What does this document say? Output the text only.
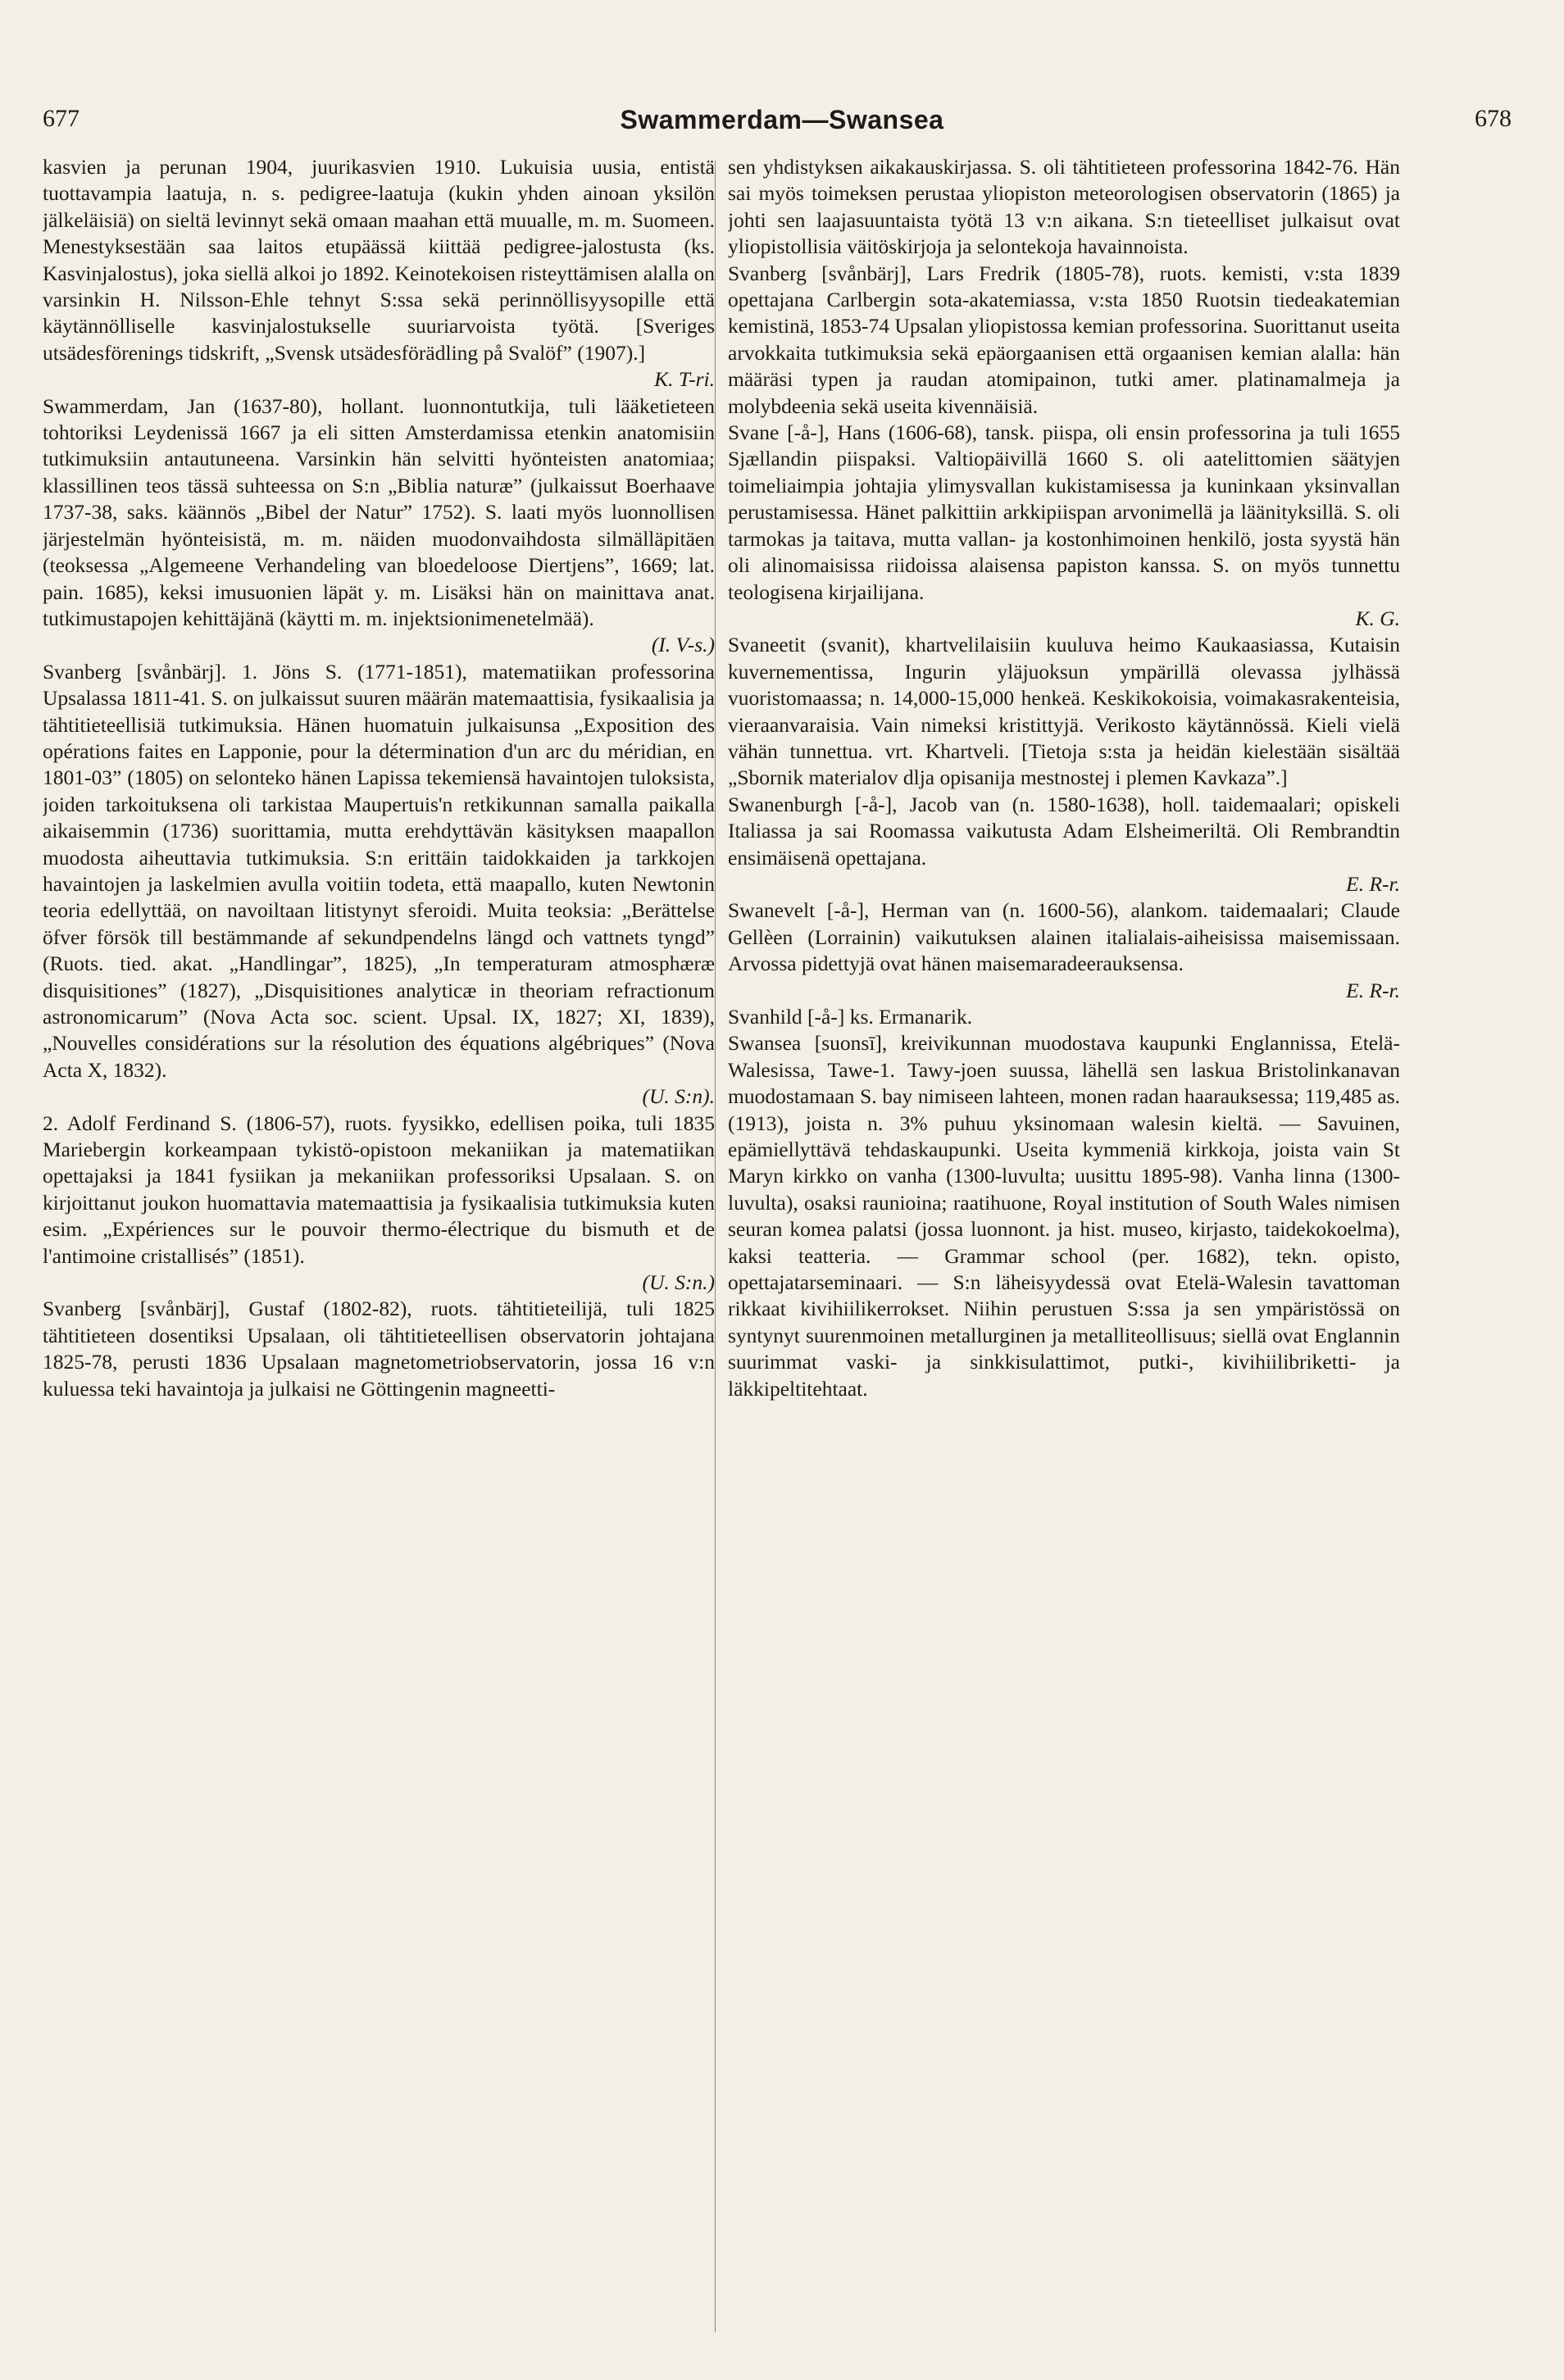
677	Swammerdam—Swansea	678

kasvien ja perunan 1904, juurikasvien 1910. Lukuisia uusia, entistä tuottavampia laatuja, n. s. pedigree-laatuja (kukin yhden ainoan yksilön jälkeläisiä) on sieltä levinnyt sekä omaan maahan että muualle, m. m. Suomeen. Menestyksestään saa laitos etupäässä kiittää pedigree-jalostusta (ks. Kasvinjalostus), joka siellä alkoi jo 1892. Keinotekoisen risteyttämisen alalla on varsinkin H. Nilsson-Ehle tehnyt S:ssa sekä perinnöllisyysopille että käytännölliselle kasvinjalostukselle suuriarvoista työtä. [Sveriges utsädesförenings tidskrift, „Svensk utsädesförädling på Svalöf” (1907).]
K. T-ri.

Swammerdam, Jan (1637-80), hollant. luonnontutkija, tuli lääketieteen tohtoriksi Leydenissä 1667 ja eli sitten Amsterdamissa etenkin anatomisiin tutkimuksiin antautuneena. Varsinkin hän selvitti hyönteisten anatomiaa; klassillinen teos tässä suhteessa on S:n „Biblia naturæ” (julkaissut Boerhaave 1737-38, saks. käännös „Bibel der Natur” 1752). S. laati myös luonnollisen järjestelmän hyönteisistä, m. m. näiden muodonvaihdosta silmälläpitäen (teoksessa „Algemeene Verhandeling van bloedeloose Diertjens”, 1669; lat. pain. 1685), keksi imusuonien läpät y. m. Lisäksi hän on mainittava anat. tutkimustapojen kehittäjänä (käytti m. m. injektsionimenetelmää).
(I. V-s.)

Svanberg [svånbärj]. 1. Jöns S. (1771-1851), matematiikan professorina Upsalassa 1811-41. S. on julkaissut suuren määrän matemaattisia, fysikaalisia ja tähtitieteellisiä tutkimuksia. Hänen huomatuin julkaisunsa „Exposition des opérations faites en Lapponie, pour la détermination d'un arc du méridian, en 1801-03” (1805) on selonteko hänen Lapissa tekemiensä havaintojen tuloksista, joiden tarkoituksena oli tarkistaa Maupertuis'n retkikunnan samalla paikalla aikaisemmin (1736) suorittamia, mutta erehdyttävän käsityksen maapallon muodosta aiheuttavia tutkimuksia. S:n erittäin taidokkaiden ja tarkkojen havaintojen ja laskelmien avulla voitiin todeta, että maapallo, kuten Newtonin teoria edellyttää, on navoiltaan litistynyt sferoidi. Muita teoksia: „Berättelse öfver försök till bestämmande af sekundpendelns längd och vattnets tyngd” (Ruots. tied. akat. „Handlingar”, 1825), „In temperaturam atmosphæræ disquisitiones” (1827), „Disquisitiones analyticæ in theoriam refractionum astronomicarum” (Nova Acta soc. scient. Upsal. IX, 1827; XI, 1839), „Nouvelles considérations sur la résolution des équations algébriques” (Nova Acta X, 1832).
(U. S:n).

2. Adolf Ferdinand S. (1806-57), ruots. fyysikko, edellisen poika, tuli 1835 Mariebergin korkeampaan tykistö-opistoon mekaniikan ja matematiikan opettajaksi ja 1841 fysiikan ja mekaniikan professoriksi Upsalaan. S. on kirjoittanut joukon huomattavia matemaattisia ja fysikaalisia tutkimuksia kuten esim. „Expériences sur le pouvoir thermo-électrique du bismuth et de l'antimoine cristallisés” (1851).
(U. S:n.)

Svanberg [svånbärj], Gustaf (1802-82), ruots. tähtitieteilijä, tuli 1825 tähtitieteen dosentiksi Upsalaan, oli tähtitieteellisen observatorin johtajana 1825-78, perusti 1836 Upsalaan magnetometriobservatorin, jossa 16 v:n kuluessa teki havaintoja ja julkaisi ne Göttingenin magneetti-

sen yhdistyksen aikakauskirjassa. S. oli tähtitieteen professorina 1842-76. Hän sai myös toimeksen perustaa yliopiston meteorologisen observatorin (1865) ja johti sen laajasuuntaista työtä 13 v:n aikana. S:n tieteelliset julkaisut ovat yliopistollisia väitöskirjoja ja selontekoja havainnoista.

Svanberg [svånbärj], Lars Fredrik (1805-78), ruots. kemisti, v:sta 1839 opettajana Carlbergin sota-akatemiassa, v:sta 1850 Ruotsin tiedeakatemian kemistinä, 1853-74 Upsalan yliopistossa kemian professorina. Suorittanut useita arvokkaita tutkimuksia sekä epäorgaanisen että orgaanisen kemian alalla: hän määräsi typen ja raudan atomipainon, tutki amer. platinamalmeja ja molybdeenia sekä useita kivennäisiä.

Svane [-å-], Hans (1606-68), tansk. piispa, oli ensin professorina ja tuli 1655 Sjællandin piispaksi. Valtiopäivillä 1660 S. oli aatelittomien säätyjen toimeliaimpia johtajia ylimysvallan kukistamisessa ja kuninkaan yksinvallan perustamisessa. Hänet palkittiin arkkipiispan arvonimellä ja läänityksillä. S. oli tarmokas ja taitava, mutta vallan- ja kostonhimoinen henkilö, josta syystä hän oli alinomaisissa riidoissa alaisensa papiston kanssa. S. on myös tunnettu teologisena kirjailijana.
K. G.

Svaneetit (svanit), khartvelilaisiin kuuluva heimo Kaukaasiassa, Kutaisin kuvernementissa, Ingurin yläjuoksun ympärillä olevassa jylhässä vuoristomaassa; n. 14,000-15,000 henkeä. Keskikokoisia, voimakasrakenteisia, vieraanvaraisia. Vain nimeksi kristittyjä. Verikosto käytännössä. Kieli vielä vähän tunnettua. vrt. Khartveli. [Tietoja s:sta ja heidän kielestään sisältää „Sbornik materialov dlja opisanija mestnostej i plemen Kavkaza”.]

Swanenburgh [-å-], Jacob van (n. 1580-1638), holl. taidemaalari; opiskeli Italiassa ja sai Roomassa vaikutusta Adam Elsheimeriltä. Oli Rembrandtin ensimäisenä opettajana.
E. R-r.

Swanevelt [-å-], Herman van (n. 1600-56), alankom. taidemaalari; Claude Gellèen (Lorrainin) vaikutuksen alainen italialais-aiheisissa maisemissaan. Arvossa pidettyjä ovat hänen maisemaradeerauksensa.
E. R-r.

Svanhild [-å-] ks. Ermanarik.

Swansea [suonsī], kreivikunnan muodostava kaupunki Englannissa, Etelä-Walesissa, Tawe-1. Tawy-joen suussa, lähellä sen laskua Bristolinkanavan muodostamaan S. bay nimiseen lahteen, monen radan haarauksessa; 119,485 as. (1913), joista n. 3% puhuu yksinomaan walesin kieltä. — Savuinen, epämiellyttävä tehdaskaupunki. Useita kymmeniä kirkkoja, joista vain St Maryn kirkko on vanha (1300-luvulta; uusittu 1895-98). Vanha linna (1300-luvulta), osaksi raunioina; raatihuone, Royal institution of South Wales nimisen seuran komea palatsi (jossa luonnont. ja hist. museo, kirjasto, taidekokoelma), kaksi teatteria. — Grammar school (per. 1682), tekn. opisto, opettajatarseminaari. — S:n läheisyydessä ovat Etelä-Walesin tavattoman rikkaat kivihiilikerrokset. Niihin perustuen S:ssa ja sen ympäristössä on syntynyt suurenmoinen metallurginen ja metalliteollisuus; siellä ovat Englannin suurimmat vaski- ja sinkkisulattimot, putki-, kivihiilibriketti- ja läkkipeltitehtaat.
